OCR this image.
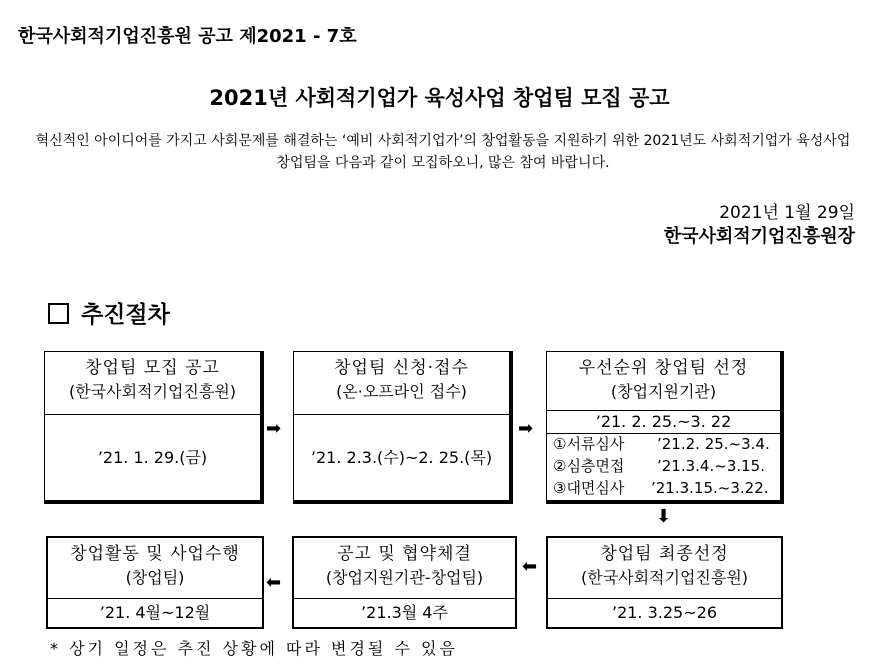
한국사회적기업진흥원 공고 제2021 - 7호
2021년 사회적기업가 육성사업 창업팀 모집 공고
혁신적인 아이디어를 가지고 사회문제를 해결하는 ‘예비 사회적기업가’의 창업활동을 지원하기 위한 2021년도 사회적기업가 육성사업 창업팀을 다음과 같이 모집하오니, 많은 참여 바랍니다.
2021년 1월 29일
한국사회적기업진흥원장
추진절차
창업팀 모집 공고
(한국사회적기업진흥원)
’21. 1. 29.(금)
창업팀 신청·접수
(온·오프라인 접수)
’21. 2.3.(수)~2. 25.(목)
우선순위 창업팀 선정
(창업지원기관)
’21. 2. 25.~3. 22
①서류심사 ’21.2. 25.~3.4.
②심층면접 ’21.3.4.~3.15.
③대면심사 ’21.3.15.~3.22.
창업활동 및 사업수행
(창업팀)
’21. 4월~12월
공고 및 협약체결
(창업지원기관-창업팀)
’21.3월 4주
창업팀 최종선정
(한국사회적기업진흥원)
’21. 3.25~26
➡	➡
⬇
⬅
⬅
* 상기 일정은 추진 상황에 따라 변경될 수 있음
